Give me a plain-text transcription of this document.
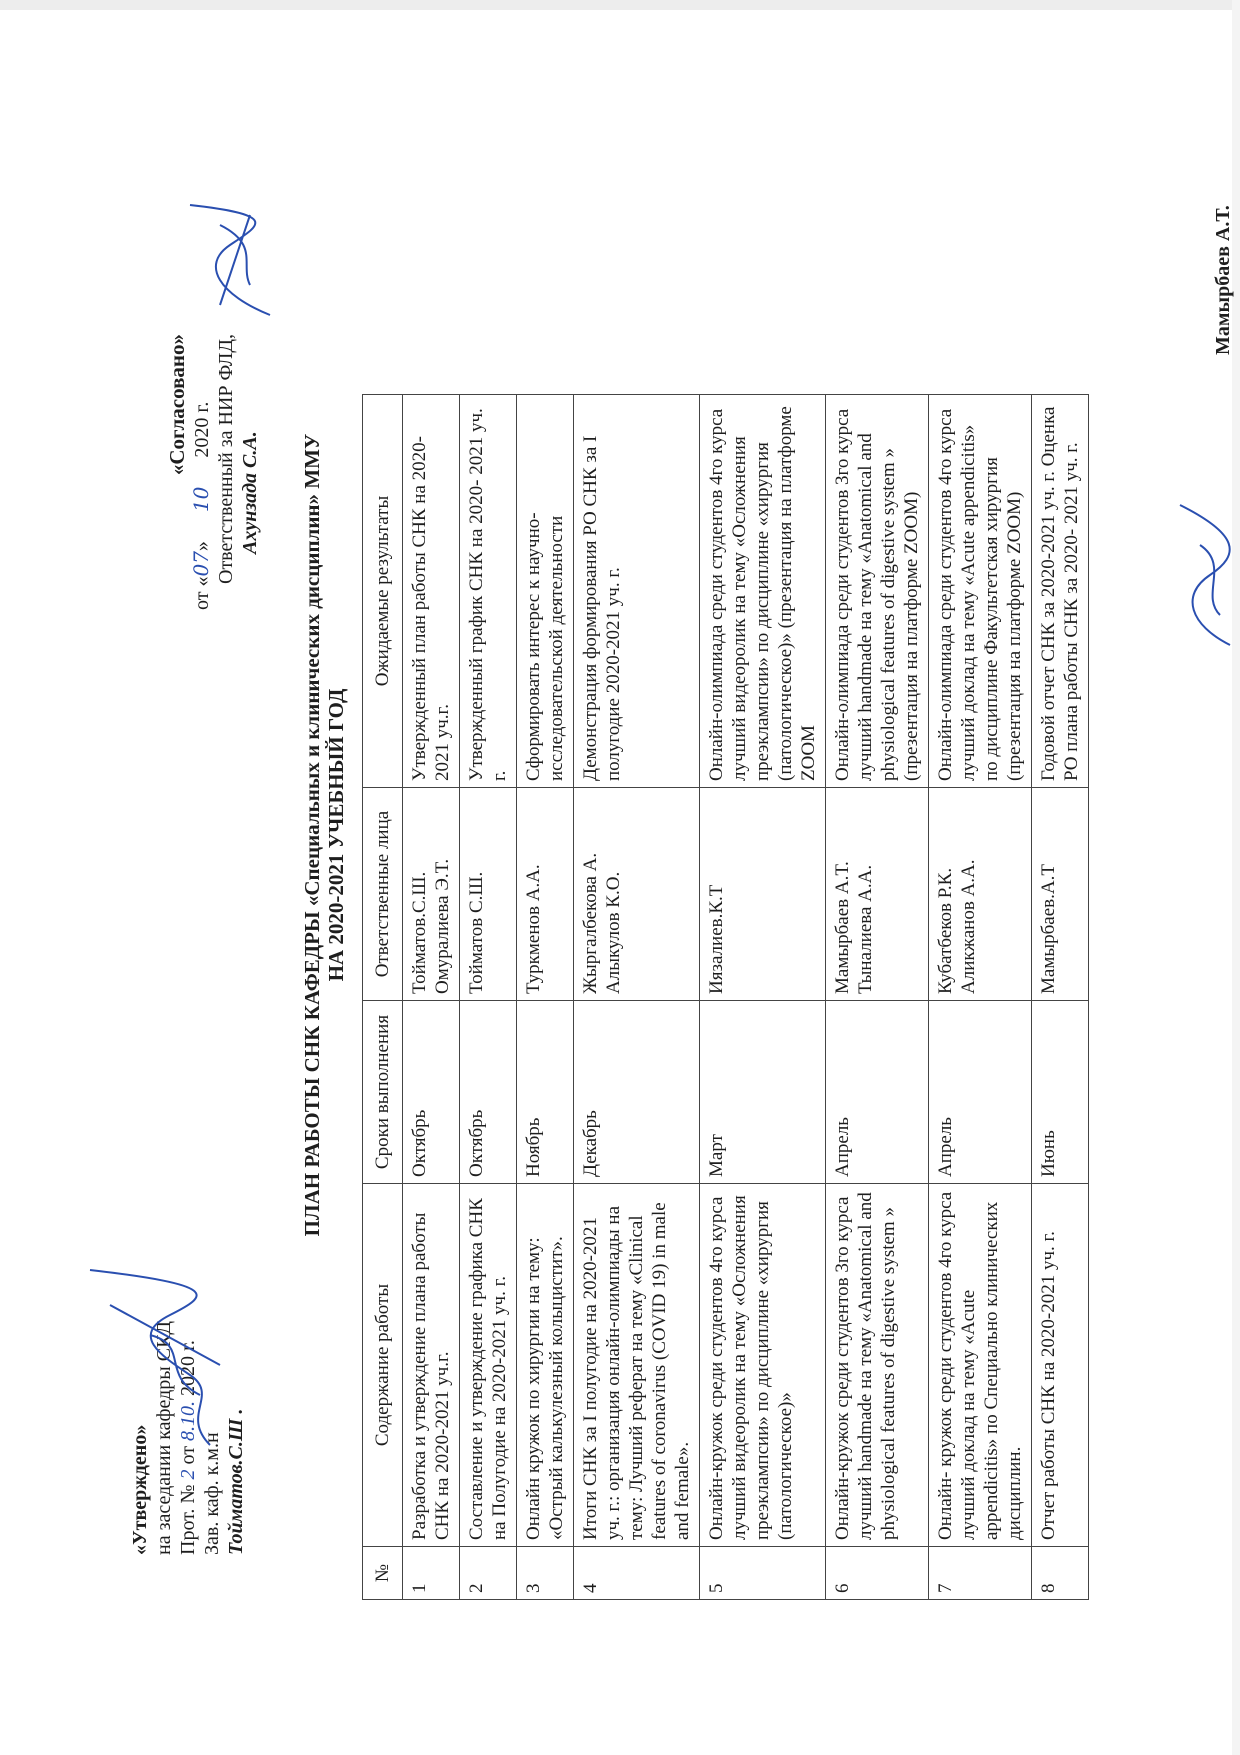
«Утверждено» на заседании кафедры СКД Прот. № 2 от 8.10. 2020 г.
Зав. каф. к.м.н Тойматов.С.Ш .
«Согласовано»
от «07» 10 2020 г. Ответственный за НИР ФЛД, Ахунзада С.А. ПЛАН РАБОТЫ СНК КАФЕДРЫ «Специальных и клинических дисциплин» ММУ НА 2020-2021 УЧЕБНЫЙ ГОД
№	Содержание работы	Сроки выполнения	Ответственные лица	Ожидаемые результаты
1	Разработка и утверждение плана работы СНК на 2020-2021 уч.г.	Октябрь	Тойматов.С.Ш. Омуралиева Э.Т.	Утвержденный план работы СНК на 2020-2021 уч.г.
2	Составление и утверждение графика СНК на Полугодие на 2020-2021 уч. г.	Октябрь	Тойматов С.Ш.	Утвержденный график СНК на 2020- 2021 уч. г.
3	Онлайн кружок по хирургии на тему: «Острый калькулезный колыцистит».	Ноябрь	Туркменов А.А.	Сформировать интерес к научно-исследовательской деятельности
4	Итоги СНК за I полугодие на 2020-2021 уч. г.: организация онлайн-олимпиады на тему: Лучший реферат на тему «Clinical features of coronavirus (COVID 19) in male and female».	Декабрь	Жыргалбекова А. Алыкулов К.О.	Демонстрация формирования РО СНК за I полугодие 2020-2021 уч. г.
5	Онлайн-кружок среди студентов 4го курса лучший видеоролик на тему «Осложнения преэклампсии» по дисциплине «хирургия (патологическое)»	Март	Иязалиев.К.Т	Онлайн-олимпиада среди студентов 4го курса лучший видеоролик на тему «Осложнения преэклампсии» по дисциплине «хирургия (патологическое)» (презентация на платформе ZOOM
6	Онлайн-кружок среди студентов 3го курса лучший handmade на тему «Anatomical and physiological features of digestive system »	Апрель	Мамырбаев А.Т. Тыналиева А.А.	Онлайн-олимпиада среди студентов 3го курса лучший handmade на тему «Anatomical and physiological features of digestive system » (презентация на платформе ZOOM)
7	Онлайн- кружок среди студентов 4го курса лучший доклад на тему «Acute appendicitis» по Специально клинических дисциплин.	Апрель	Кубатбеков Р.К. Аликжанов А.А.	Онлайн-олимпиада среди студентов 4го курса лучший доклад на тему «Acute appendicitis» по дисциплине Факультетская хирургия (презентация на платформе ZOOM)
8	Отчет работы СНК на 2020-2021 уч. г.	Июнь	Мамырбаев.А.Т	Годовой отчет СНК за 2020-2021 уч. г. Оценка РО плана работы СНК за 2020- 2021 уч. г.
Мамырбаев А.Т.
